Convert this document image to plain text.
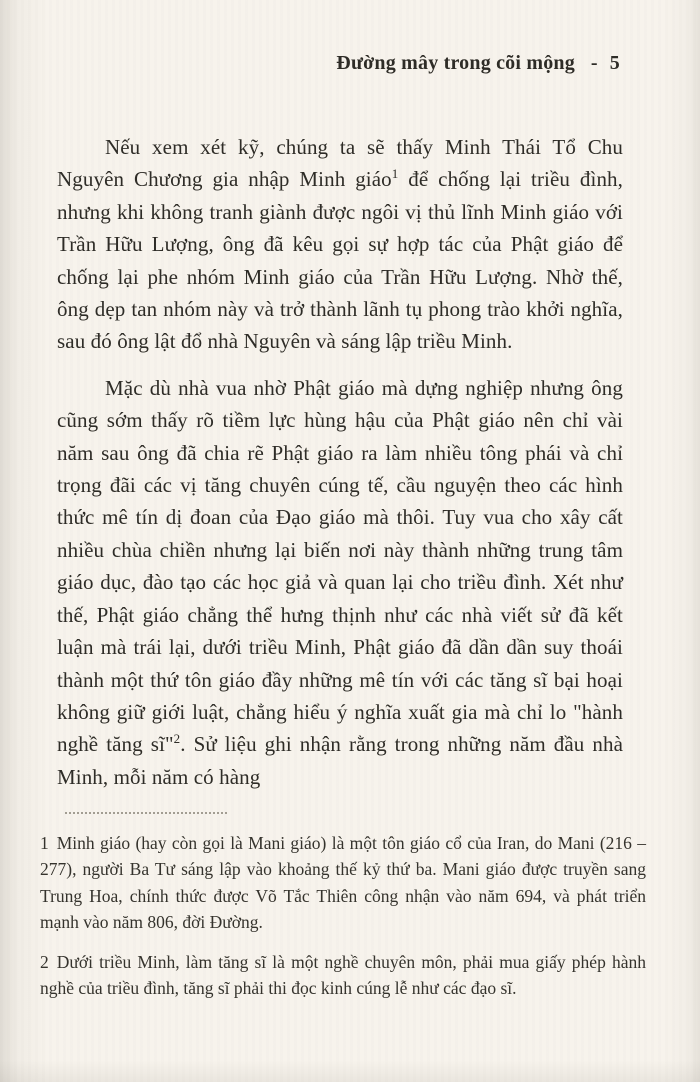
Đường mây trong cõi mộng - 5

Nếu xem xét kỹ, chúng ta sẽ thấy Minh Thái Tổ Chu Nguyên Chương gia nhập Minh giáo$^1$ để chống lại triều đình, nhưng khi không tranh giành được ngôi vị thủ lĩnh Minh giáo với Trần Hữu Lượng, ông đã kêu gọi sự hợp tác của Phật giáo để chống lại phe nhóm Minh giáo của Trần Hữu Lượng. Nhờ thế, ông dẹp tan nhóm này và trở thành lãnh tụ phong trào khởi nghĩa, sau đó ông lật đổ nhà Nguyên và sáng lập triều Minh.

Mặc dù nhà vua nhờ Phật giáo mà dựng nghiệp nhưng ông cũng sớm thấy rõ tiềm lực hùng hậu của Phật giáo nên chỉ vài năm sau ông đã chia rẽ Phật giáo ra làm nhiều tông phái và chỉ trọng đãi các vị tăng chuyên cúng tế, cầu nguyện theo các hình thức mê tín dị đoan của Đạo giáo mà thôi. Tuy vua cho xây cất nhiều chùa chiền nhưng lại biến nơi này thành những trung tâm giáo dục, đào tạo các học giả và quan lại cho triều đình. Xét như thế, Phật giáo chẳng thể hưng thịnh như các nhà viết sử đã kết luận mà trái lại, dưới triều Minh, Phật giáo đã dần dần suy thoái thành một thứ tôn giáo đầy những mê tín với các tăng sĩ bại hoại không giữ giới luật, chẳng hiểu ý nghĩa xuất gia mà chỉ lo "hành nghề tăng sĩ"$^2$. Sử liệu ghi nhận rằng trong những năm đầu nhà Minh, mỗi năm có hàng

1 Minh giáo (hay còn gọi là Mani giáo) là một tôn giáo cổ của Iran, do Mani (216 – 277), người Ba Tư sáng lập vào khoảng thế kỷ thứ ba. Mani giáo được truyền sang Trung Hoa, chính thức được Võ Tắc Thiên công nhận vào năm 694, và phát triển mạnh vào năm 806, đời Đường.

2 Dưới triều Minh, làm tăng sĩ là một nghề chuyên môn, phải mua giấy phép hành nghề của triều đình, tăng sĩ phải thi đọc kinh cúng lễ như các đạo sĩ.
